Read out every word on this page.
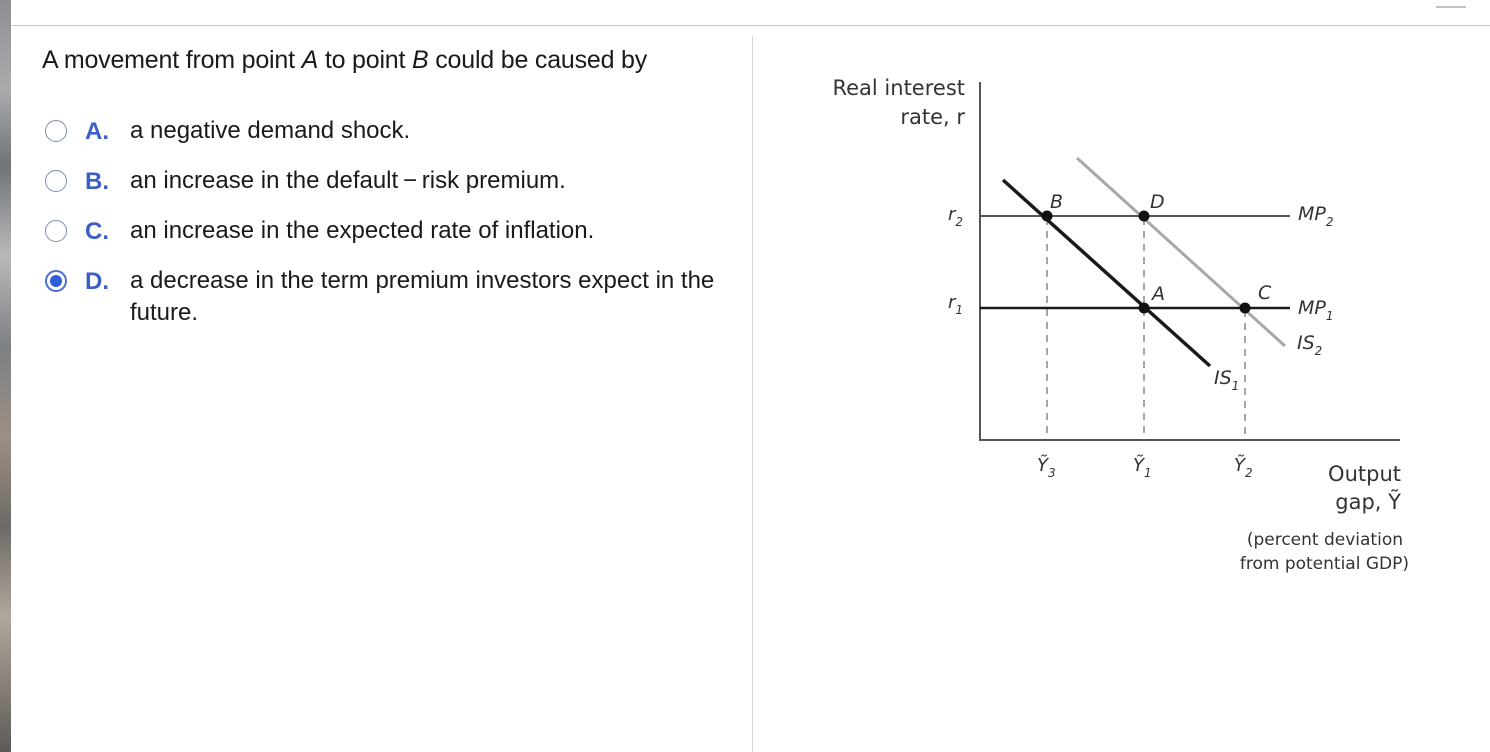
A movement from point A to point B could be caused by
A. a negative demand shock.
B. an increase in the default − risk premium.
C. an increase in the expected rate of inflation.
D. a decrease in the term premium investors expect in the future.
B	D
A	C
Real interest
rate, r
$r_2$
$r_1$
$MP_2$
$MP_1$
$IS_2$
$IS_1$
Ỹ$_3$	Ỹ$_1$	Ỹ$_2$	Output
gap, Ỹ
(percent deviation
from potential GDP)
